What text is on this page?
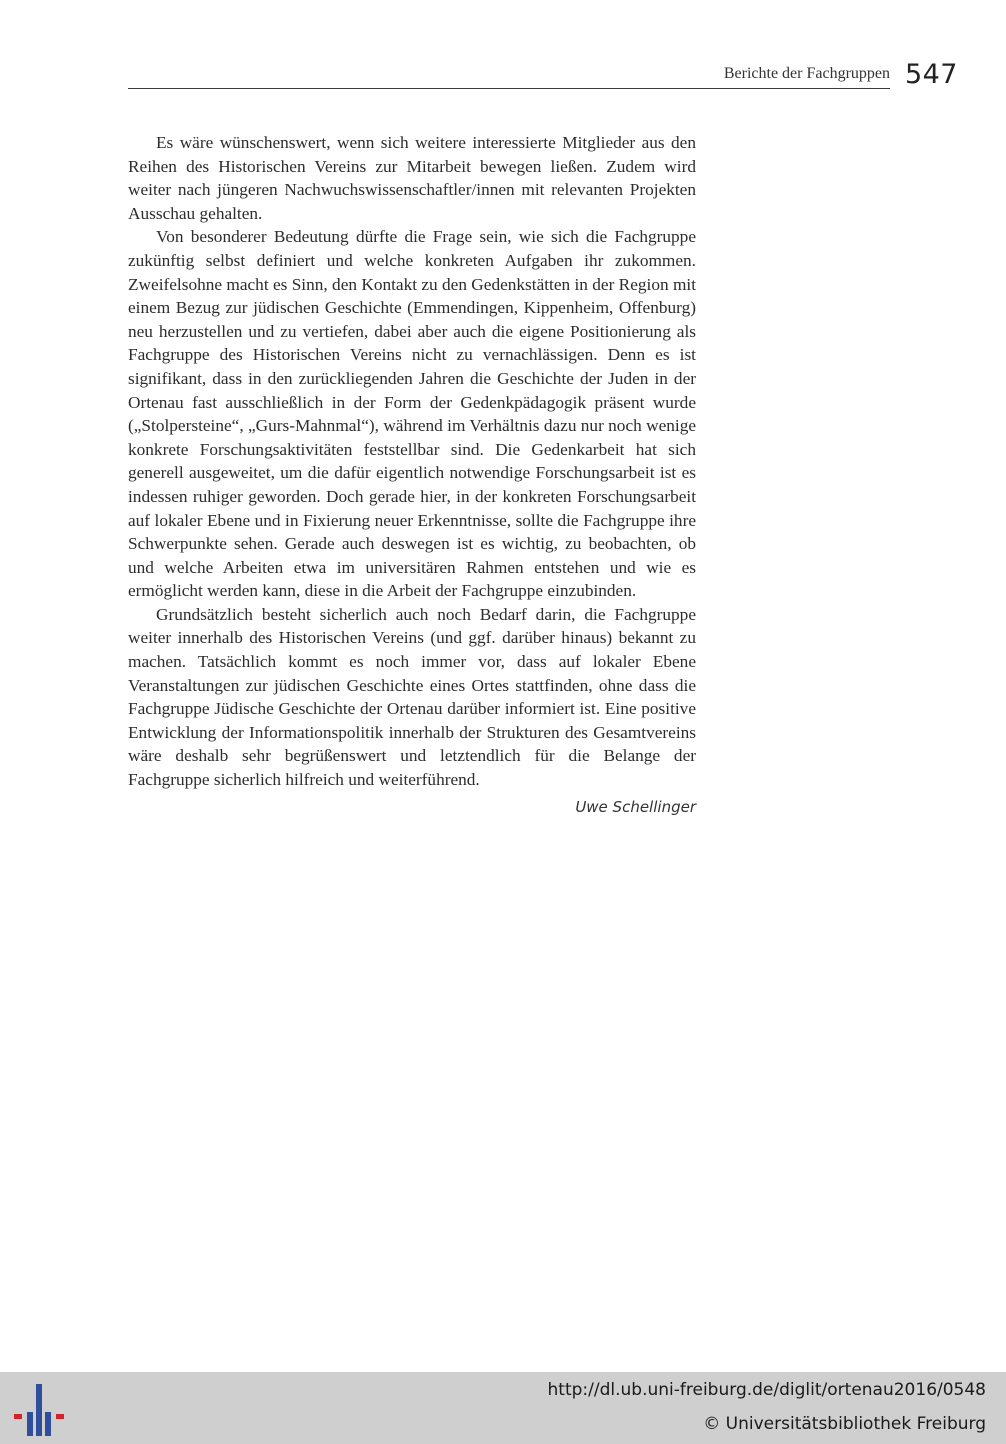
Berichte der Fachgruppen 547

Es wäre wünschenswert, wenn sich weitere interessierte Mitglieder aus den Reihen des Historischen Vereins zur Mitarbeit bewegen ließen. Zudem wird weiter nach jüngeren Nachwuchswissenschaftler/innen mit relevanten Projekten Ausschau gehalten.

Von besonderer Bedeutung dürfte die Frage sein, wie sich die Fachgruppe zukünftig selbst definiert und welche konkreten Aufgaben ihr zukommen. Zweifelsohne macht es Sinn, den Kontakt zu den Gedenkstätten in der Region mit einem Bezug zur jüdischen Geschichte (Emmendingen, Kippenheim, Offenburg) neu herzustellen und zu vertiefen, dabei aber auch die eigene Positionierung als Fachgruppe des Historischen Vereins nicht zu vernachlässigen. Denn es ist signifikant, dass in den zurückliegenden Jahren die Geschichte der Juden in der Ortenau fast ausschließlich in der Form der Gedenkpädagogik präsent wurde („Stolpersteine“, „Gurs-Mahnmal“), während im Verhältnis dazu nur noch wenige konkrete Forschungsaktivitäten feststellbar sind. Die Gedenkarbeit hat sich generell ausgeweitet, um die dafür eigentlich notwendige Forschungsarbeit ist es indessen ruhiger geworden. Doch gerade hier, in der konkreten Forschungsarbeit auf lokaler Ebene und in Fixierung neuer Erkenntnisse, sollte die Fachgruppe ihre Schwerpunkte sehen. Gerade auch deswegen ist es wichtig, zu beobachten, ob und welche Arbeiten etwa im universitären Rahmen entstehen und wie es ermöglicht werden kann, diese in die Arbeit der Fachgruppe einzubinden.

Grundsätzlich besteht sicherlich auch noch Bedarf darin, die Fachgruppe weiter innerhalb des Historischen Vereins (und ggf. darüber hinaus) bekannt zu machen. Tatsächlich kommt es noch immer vor, dass auf lokaler Ebene Veranstaltungen zur jüdischen Geschichte eines Ortes stattfinden, ohne dass die Fachgruppe Jüdische Geschichte der Ortenau darüber informiert ist. Eine positive Entwicklung der Informationspolitik innerhalb der Strukturen des Gesamtvereins wäre deshalb sehr begrüßenswert und letztendlich für die Belange der Fachgruppe sicherlich hilfreich und weiterführend.

Uwe Schellinger
http://dl.ub.uni-freiburg.de/diglit/ortenau2016/0548
© Universitätsbibliothek Freiburg
